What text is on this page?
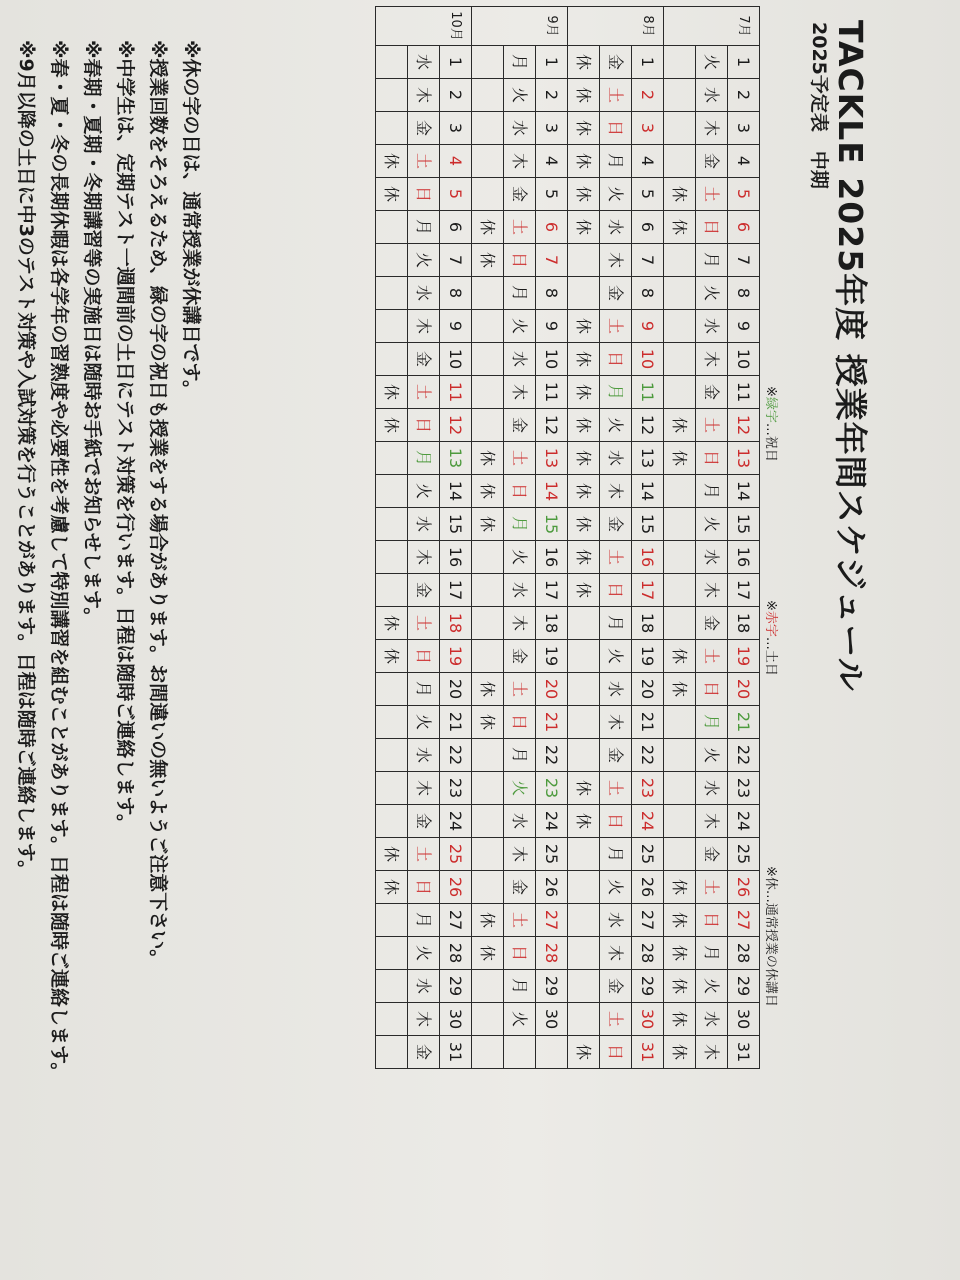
TACKLE 2025年度 授業年間スケジュール
2025予定表　中期
※緑字…祝日
※赤字…土日
※休…通常授業の休講日
7月	1	2	3	4	5	6	7	8	9	10	11	12	13	14	15	16	17	18	19	20	21	22	23	24	25	26	27	28	29	30	31
	火	水	木	金	土	日	月	火	水	木	金	土	日	月	火	水	木	金	土	日	月	火	水	木	金	土	日	月	火	水	木
					休	休						休	休						休	休						休	休	休	休	休	休
8月	1	2	3	4	5	6	7	8	9	10	11	12	13	14	15	16	17	18	19	20	21	22	23	24	25	26	27	28	29	30	31
	金	土	日	月	火	水	木	金	土	日	月	火	水	木	金	土	日	月	火	水	木	金	土	日	月	火	水	木	金	土	日
	休	休	休	休	休	休			休	休	休	休	休	休	休	休	休						休	休							休
9月	1	2	3	4	5	6	7	8	9	10	11	12	13	14	15	16	17	18	19	20	21	22	23	24	25	26	27	28	29	30	
	月	火	水	木	金	土	日	月	火	水	木	金	土	日	月	火	水	木	金	土	日	月	火	水	木	金	土	日	月	火	
						休	休						休	休	休					休	休						休	休			
10月	1	2	3	4	5	6	7	8	9	10	11	12	13	14	15	16	17	18	19	20	21	22	23	24	25	26	27	28	29	30	31
	水	木	金	土	日	月	火	水	木	金	土	日	月	火	水	木	金	土	日	月	火	水	木	金	土	日	月	火	水	木	金
				休	休						休	休						休	休						休	休					
※休の字の日は、通常授業が休講日です。
※授業回数をそろえるため、緑の字の祝日も授業をする場合があります。お間違いの無いようご注意下さい。
※中学生は、定期テスト一週間前の土日にテスト対策を行います。日程は随時ご連絡します。
※春期・夏期・冬期講習等の実施日は随時お手紙でお知らせします。
※春・夏・冬の長期休暇は各学年の習熟度や必要性を考慮して特別講習を組むことがあります。日程は随時ご連絡します。
※9月以降の土日に中3のテスト対策や入試対策を行うことがあります。日程は随時ご連絡します。
